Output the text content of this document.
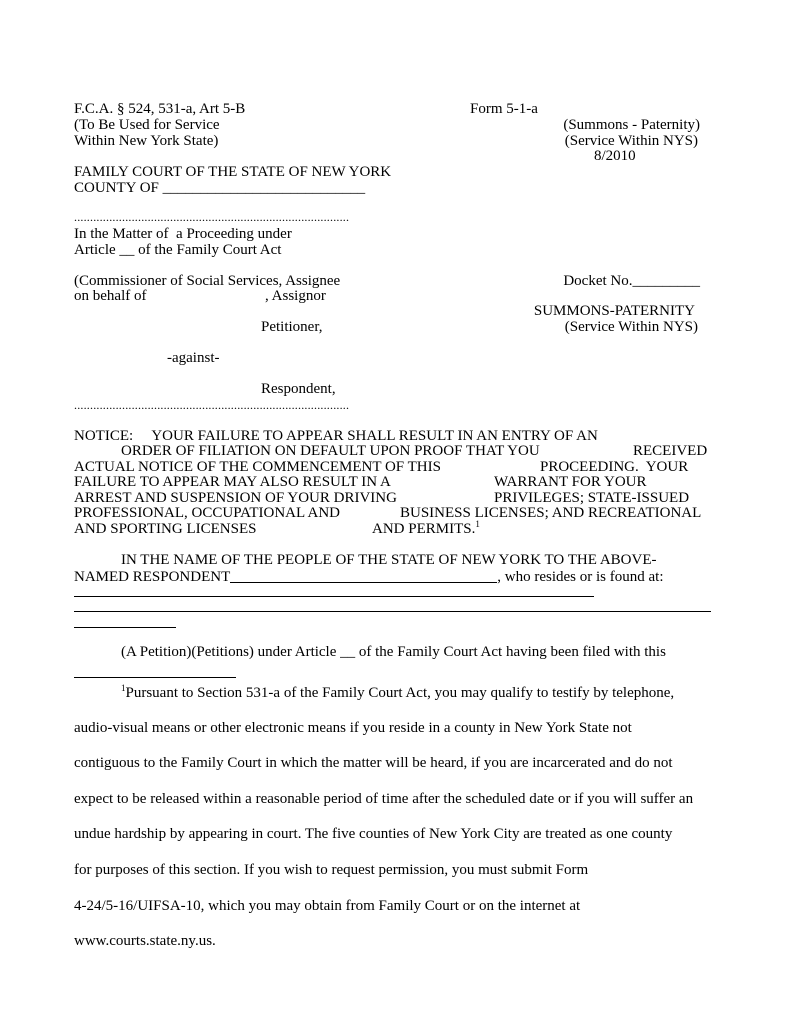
F.C.A. § 524, 531-a, Art 5-B
(To Be Used for Service
Within New York State)
Form 5-1-a
(Summons - Paternity)
(Service Within NYS)
8/2010
FAMILY COURT OF THE STATE OF NEW YORK
COUNTY OF ___________________________
......................................................................................
In the Matter of  a Proceeding under
Article __ of the Family Court Act
(Commissioner of Social Services, Assignee
on behalf of	, Assignor
Petitioner,
-against-
Respondent,
......................................................................................
Docket No._________
SUMMONS-PATERNITY
(Service Within NYS)
NOTICE:     YOUR FAILURE TO APPEAR SHALL RESULT IN AN ENTRY OF AN
ORDER OF FILIATION ON DEFAULT UPON PROOF THAT YOU	RECEIVED
ACTUAL NOTICE OF THE COMMENCEMENT OF THIS	PROCEEDING.  YOUR
FAILURE TO APPEAR MAY ALSO RESULT IN A	WARRANT FOR YOUR
ARREST AND SUSPENSION OF YOUR DRIVING	PRIVILEGES; STATE-ISSUED
PROFESSIONAL, OCCUPATIONAL AND	BUSINESS LICENSES; AND RECREATIONAL
AND SPORTING LICENSES	AND PERMITS.$^1$
IN THE NAME OF THE PEOPLE OF THE STATE OF NEW YORK TO THE ABOVE-
NAMED RESPONDENT	, who resides or is found at:
(A Petition)(Petitions) under Article __ of the Family Court Act having been filed with this
$^1$Pursuant to Section 531-a of the Family Court Act, you may qualify to testify by telephone,
audio-visual means or other electronic means if you reside in a county in New York State not
contiguous to the Family Court in which the matter will be heard, if you are incarcerated and do not
expect to be released within a reasonable period of time after the scheduled date or if you will suffer an
undue hardship by appearing in court. The five counties of New York City are treated as one county
for purposes of this section. If you wish to request permission, you must submit Form
4-24/5-16/UIFSA-10, which you may obtain from Family Court or on the internet at
www.courts.state.ny.us.
